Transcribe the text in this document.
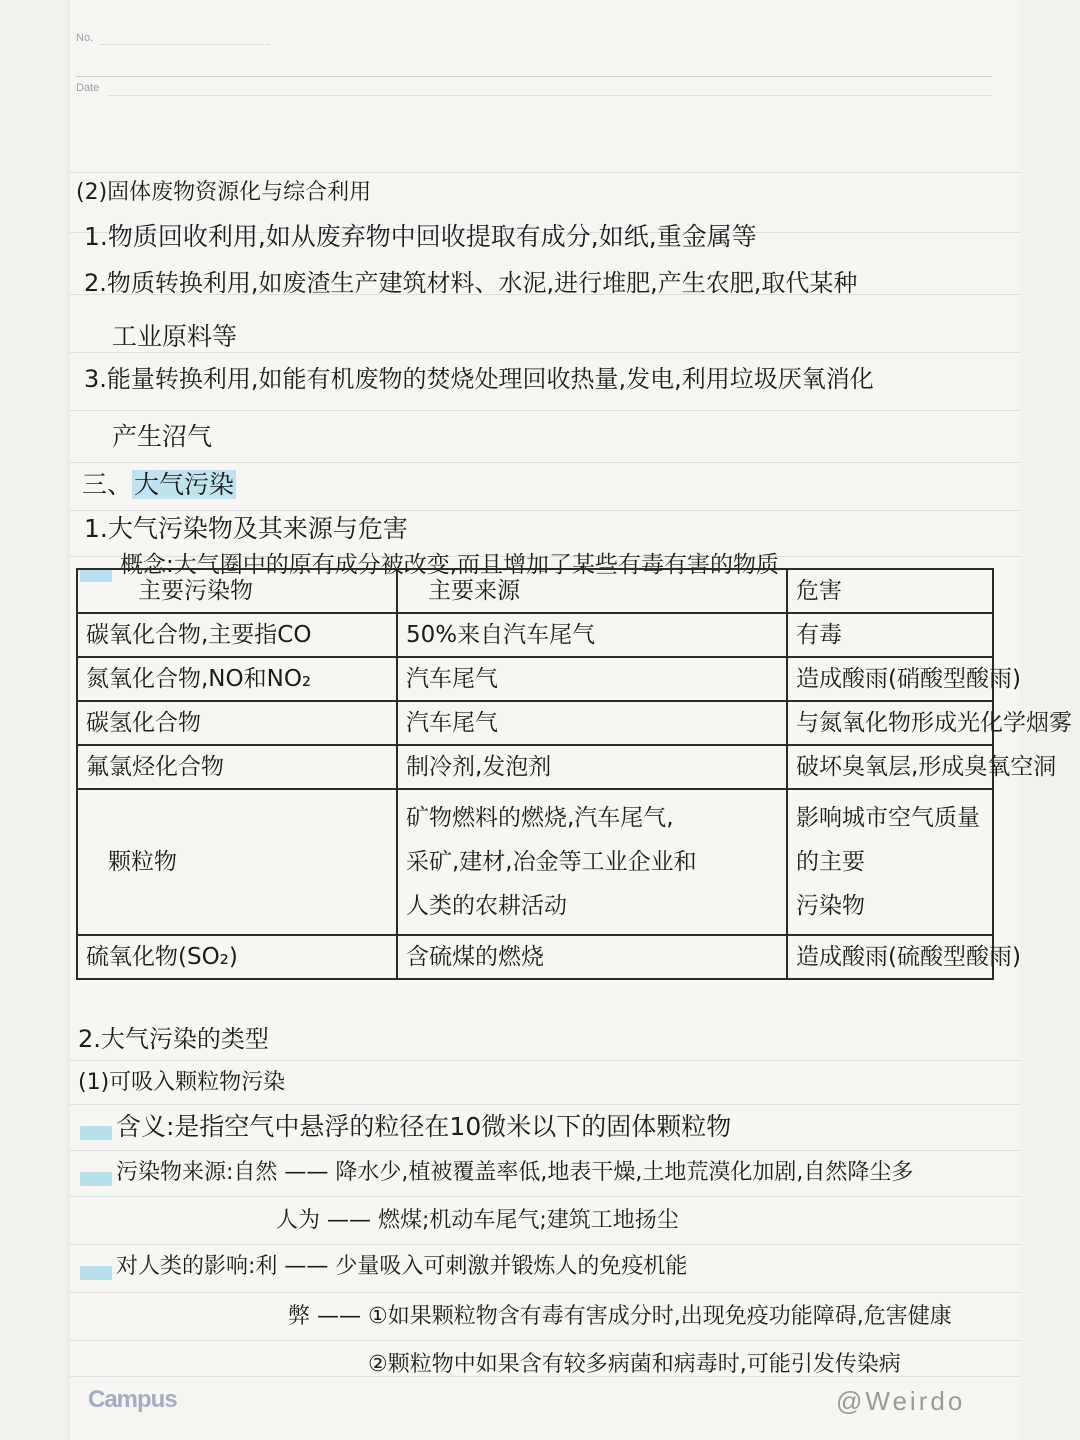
No.
Date
(2)固体废物资源化与综合利用
1.物质回收利用,如从废弃物中回收提取有成分,如纸,重金属等
2.物质转换利用,如废渣生产建筑材料、水泥,进行堆肥,产生农肥,取代某种
工业原料等
3.能量转换利用,如能有机废物的焚烧处理回收热量,发电,利用垃圾厌氧消化
产生沼气
三、大气污染
1.大气污染物及其来源与危害
概念:大气圈中的原有成分被改变,而且增加了某些有毒有害的物质
主要污染物	主要来源	危害
碳氧化合物,主要指CO	50%来自汽车尾气	有毒
氮氧化合物,NO和NO₂	汽车尾气	造成酸雨(硝酸型酸雨)
碳氢化合物	汽车尾气	与氮氧化物形成光化学烟雾
氟氯烃化合物	制冷剂,发泡剂	破坏臭氧层,形成臭氧空洞
颗粒物	矿物燃料的燃烧,汽车尾气,
采矿,建材,冶金等工业企业和
人类的农耕活动	影响城市空气质量的主要
污染物
硫氧化物(SO₂)	含硫煤的燃烧	造成酸雨(硫酸型酸雨)
2.大气污染的类型
(1)可吸入颗粒物污染
含义:是指空气中悬浮的粒径在10微米以下的固体颗粒物
污染物来源:自然 —— 降水少,植被覆盖率低,地表干燥,土地荒漠化加剧,自然降尘多
人为 —— 燃煤;机动车尾气;建筑工地扬尘
对人类的影响:利 —— 少量吸入可刺激并锻炼人的免疫机能
弊 —— ①如果颗粒物含有毒有害成分时,出现免疫功能障碍,危害健康
②颗粒物中如果含有较多病菌和病毒时,可能引发传染病
Campus	@Weirdo
